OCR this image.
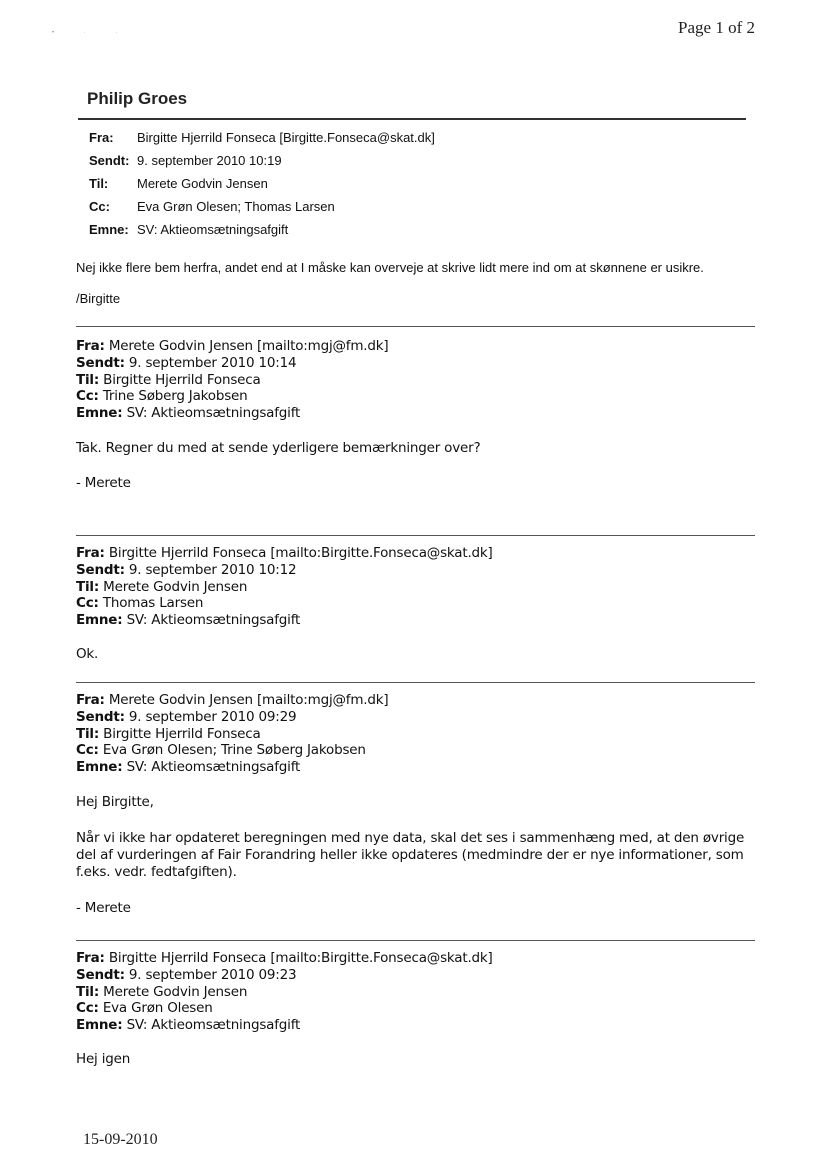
• · ·	Page 1 of 2
Philip Groes
Fra:	Birgitte Hjerrild Fonseca [Birgitte.Fonseca@skat.dk]
Sendt: 9. september 2010 10:19
Til:	Merete Godvin Jensen
Cc:	Eva Grøn Olesen; Thomas Larsen
Emne: SV: Aktieomsætningsafgift

Nej ikke flere bem herfra, andet end at I måske kan overveje at skrive lidt mere ind om at skønnene er usikre.

/Birgitte

Fra: Merete Godvin Jensen [mailto:mgj@fm.dk]
Sendt: 9. september 2010 10:14
Til: Birgitte Hjerrild Fonseca
Cc: Trine Søberg Jakobsen
Emne: SV: Aktieomsætningsafgift

Tak. Regner du med at sende yderligere bemærkninger over?

- Merete

Fra: Birgitte Hjerrild Fonseca [mailto:Birgitte.Fonseca@skat.dk]
Sendt: 9. september 2010 10:12
Til: Merete Godvin Jensen
Cc: Thomas Larsen
Emne: SV: Aktieomsætningsafgift

Ok.

Fra: Merete Godvin Jensen [mailto:mgj@fm.dk]
Sendt: 9. september 2010 09:29
Til: Birgitte Hjerrild Fonseca
Cc: Eva Grøn Olesen; Trine Søberg Jakobsen
Emne: SV: Aktieomsætningsafgift

Hej Birgitte,

Når vi ikke har opdateret beregningen med nye data, skal det ses i sammenhæng med, at den øvrige del af vurderingen af Fair Forandring heller ikke opdateres (medmindre der er nye informationer, som f.eks. vedr. fedtafgiften).

- Merete

Fra: Birgitte Hjerrild Fonseca [mailto:Birgitte.Fonseca@skat.dk]
Sendt: 9. september 2010 09:23
Til: Merete Godvin Jensen
Cc: Eva Grøn Olesen
Emne: SV: Aktieomsætningsafgift

Hej igen

15-09-2010
